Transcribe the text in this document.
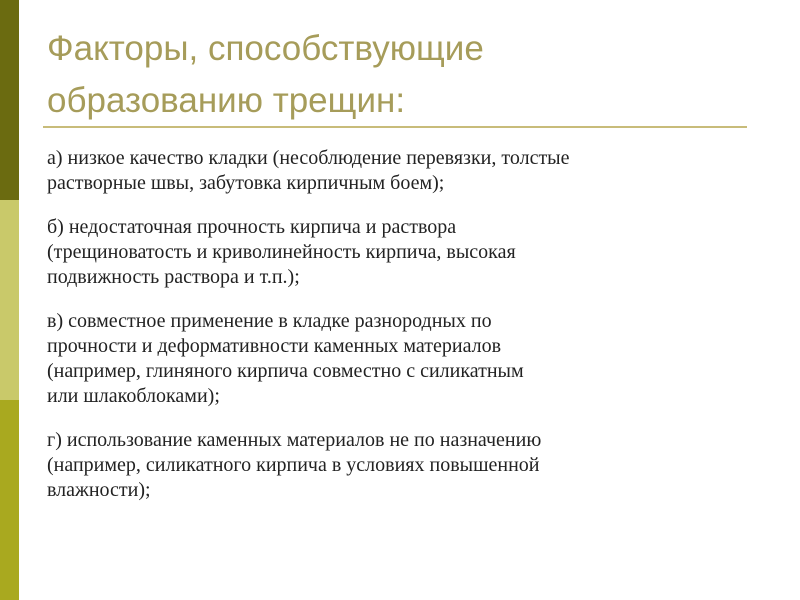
Факторы, способствующие
образованию трещин:
а) низкое качество кладки (несоблюдение перевязки, толстые
растворные швы, забутовка кирпичным боем);
б) недостаточная прочность кирпича и раствора
(трещиноватость и криволинейность кирпича, высокая
подвижность раствора и т.п.);
в) совместное применение в кладке разнородных по
прочности и деформативности каменных материалов
(например, глиняного кирпича совместно с силикатным
или шлакоблоками);
г) использование каменных материалов не по назначению
(например, силикатного кирпича в условиях повышенной
влажности);
